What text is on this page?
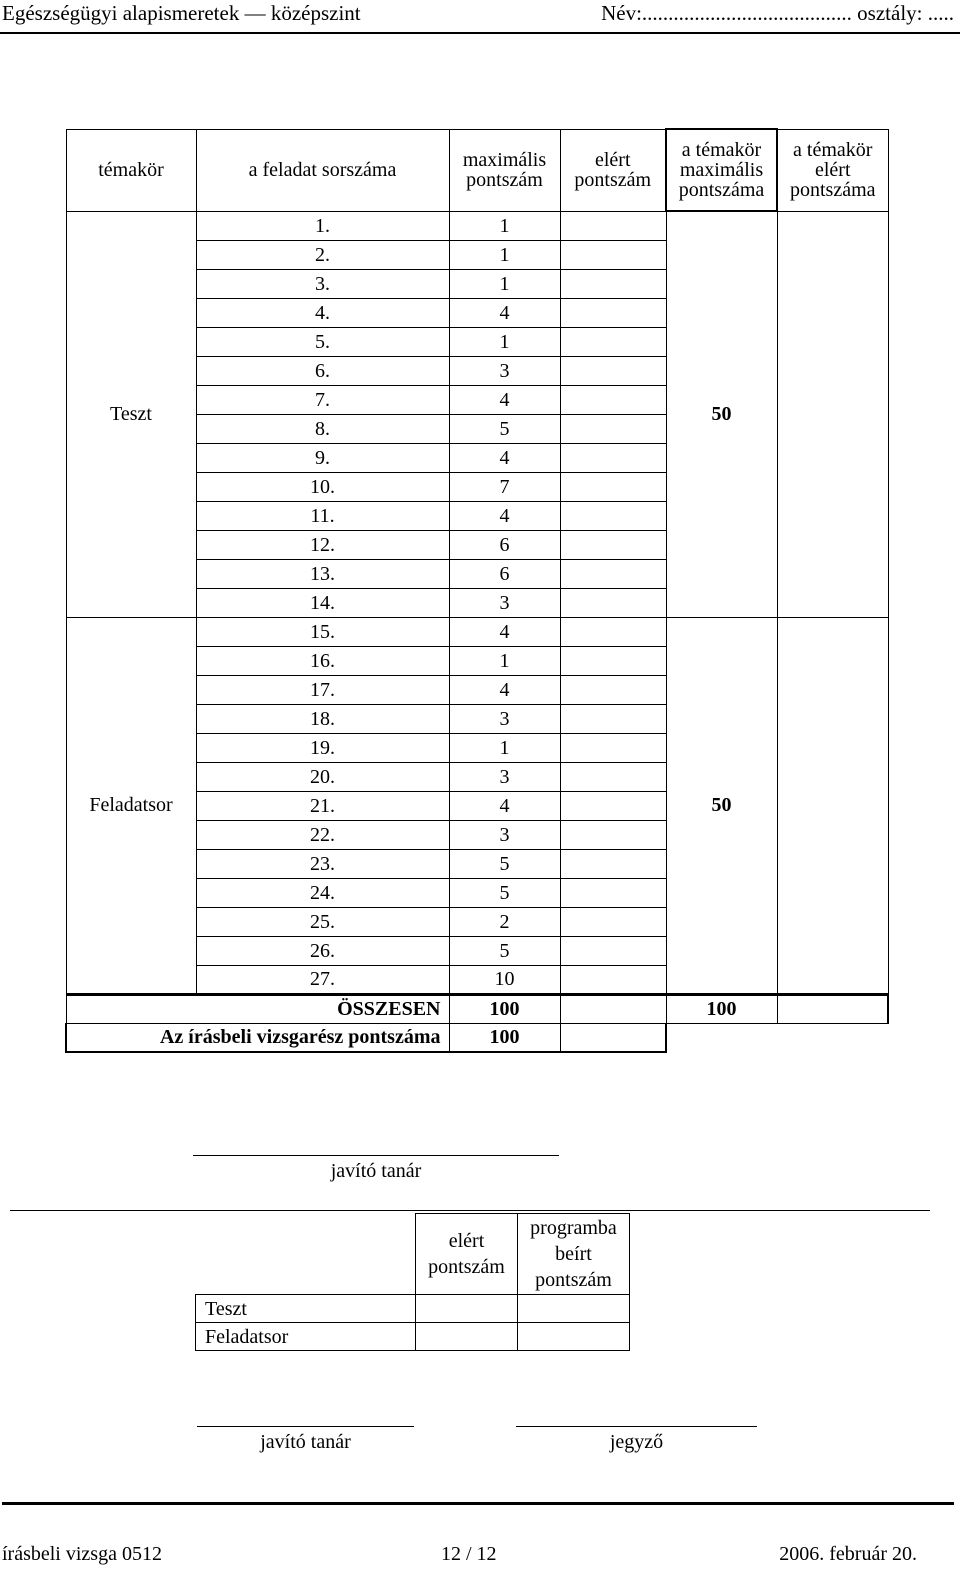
Egészségügyi alapismeretek — középszint	Név:........................................ osztály: .....
témakör	a feladat sorszáma	maximális pontszám	elért pontszám	a témakör maximális pontszáma	a témakör elért pontszáma
Teszt	1.	1		50	
	2.	1			
	3.	1			
	4.	4			
	5.	1			
	6.	3			
	7.	4			
	8.	5			
	9.	4			
	10.	7			
	11.	4			
	12.	6			
	13.	6			
	14.	3			
Feladatsor	15.	4		50	
	16.	1			
	17.	4			
	18.	3			
	19.	1			
	20.	3			
	21.	4			
	22.	3			
	23.	5			
	24.	5			
	25.	2			
	26.	5			
	27.	10			
ÖSSZESEN		100		100	
Az írásbeli vizsgarész pontszáma		100			
javító tanár
	elért pontszám	programba beírt pontszám
Teszt		
Feladatsor		
javító tanár	jegyző
írásbeli vizsga 0512	12 / 12	2006. február 20.
